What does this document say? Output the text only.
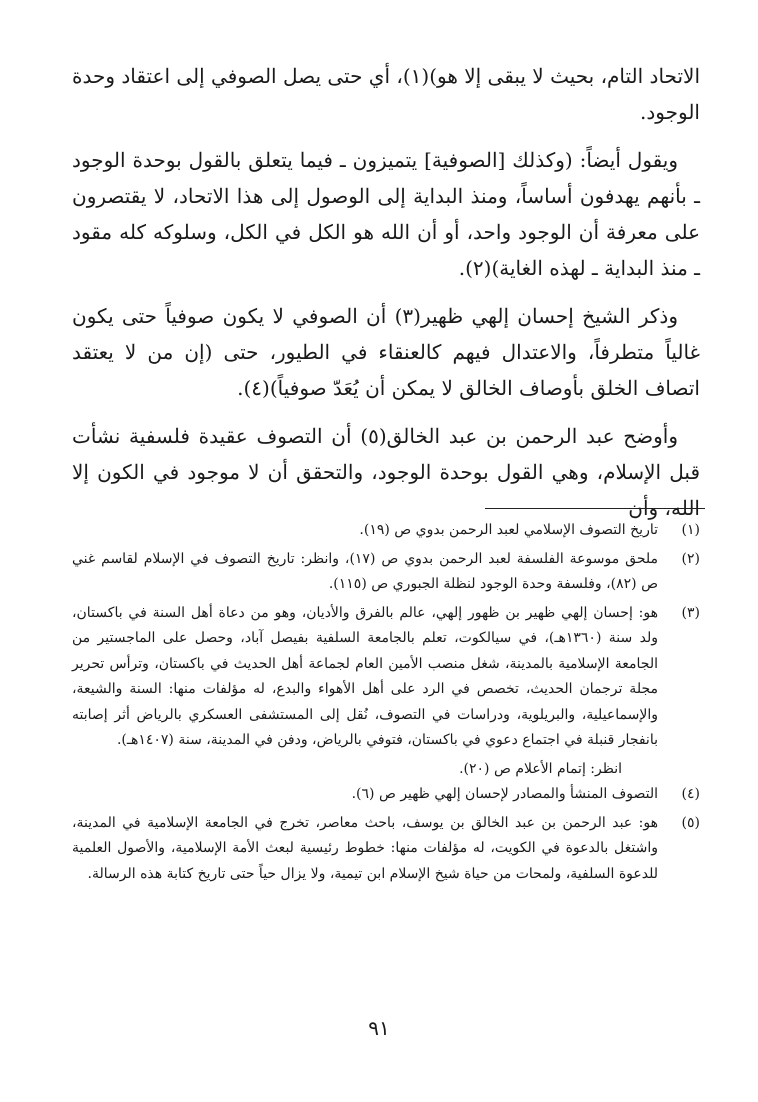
الاتحاد التام، بحيث لا يبقى إلا هو)(١)، أي حتى يصل الصوفي إلى اعتقاد وحدة الوجود.

ويقول أيضاً: (وكذلك [الصوفية] يتميزون ـ فيما يتعلق بالقول بوحدة الوجود ـ بأنهم يهدفون أساساً، ومنذ البداية إلى الوصول إلى هذا الاتحاد، لا يقتصرون على معرفة أن الوجود واحد، أو أن الله هو الكل في الكل، وسلوكه كله مقود ـ منذ البداية ـ لهذه الغاية)(٢).

وذكر الشيخ إحسان إلهي ظهير(٣) أن الصوفي لا يكون صوفياً حتى يكون غالياً متطرفاً، والاعتدال فيهم كالعنقاء في الطيور، حتى (إن من لا يعتقد اتصاف الخلق بأوصاف الخالق لا يمكن أن يُعَدّ صوفياً)(٤).

وأوضح عبد الرحمن بن عبد الخالق(٥) أن التصوف عقيدة فلسفية نشأت قبل الإسلام، وهي القول بوحدة الوجود، والتحقق أن لا موجود في الكون إلا الله، وأن

(١)
تاريخ التصوف الإسلامي لعبد الرحمن بدوي ص (١٩).
(٢)
ملحق موسوعة الفلسفة لعبد الرحمن بدوي ص (١٧)، وانظر: تاريخ التصوف في الإسلام لقاسم غني ص (٨٢)، وفلسفة وحدة الوجود لنظلة الجبوري ص (١١٥).
(٣)
هو: إحسان إلهي ظهير بن ظهور إلهي، عالم بالفرق والأديان، وهو من دعاة أهل السنة في باكستان، ولد سنة (١٣٦٠هـ)، في سيالكوت، تعلم بالجامعة السلفية بفيصل آباد، وحصل على الماجستير من الجامعة الإسلامية بالمدينة، شغل منصب الأمين العام لجماعة أهل الحديث في باكستان، وترأس تحرير مجلة ترجمان الحديث، تخصص في الرد على أهل الأهواء والبدع، له مؤلفات منها: السنة والشيعة، والإسماعيلية، والبريلوية، ودراسات في التصوف، نُقل إلى المستشفى العسكري بالرياض أثر إصابته بانفجار قنبلة في اجتماع دعوي في باكستان، فتوفي بالرياض، ودفن في المدينة، سنة (١٤٠٧هـ).
انظر: إتمام الأعلام ص (٢٠).
(٤)
التصوف المنشأ والمصادر لإحسان إلهي ظهير ص (٦).
(٥)
هو: عبد الرحمن بن عبد الخالق بن يوسف، باحث معاصر، تخرج في الجامعة الإسلامية في المدينة، واشتغل بالدعوة في الكويت، له مؤلفات منها: خطوط رئيسية لبعث الأمة الإسلامية، والأصول العلمية للدعوة السلفية، ولمحات من حياة شيخ الإسلام ابن تيمية، ولا يزال حياً حتى تاريخ كتابة هذه الرسالة.
٩١
